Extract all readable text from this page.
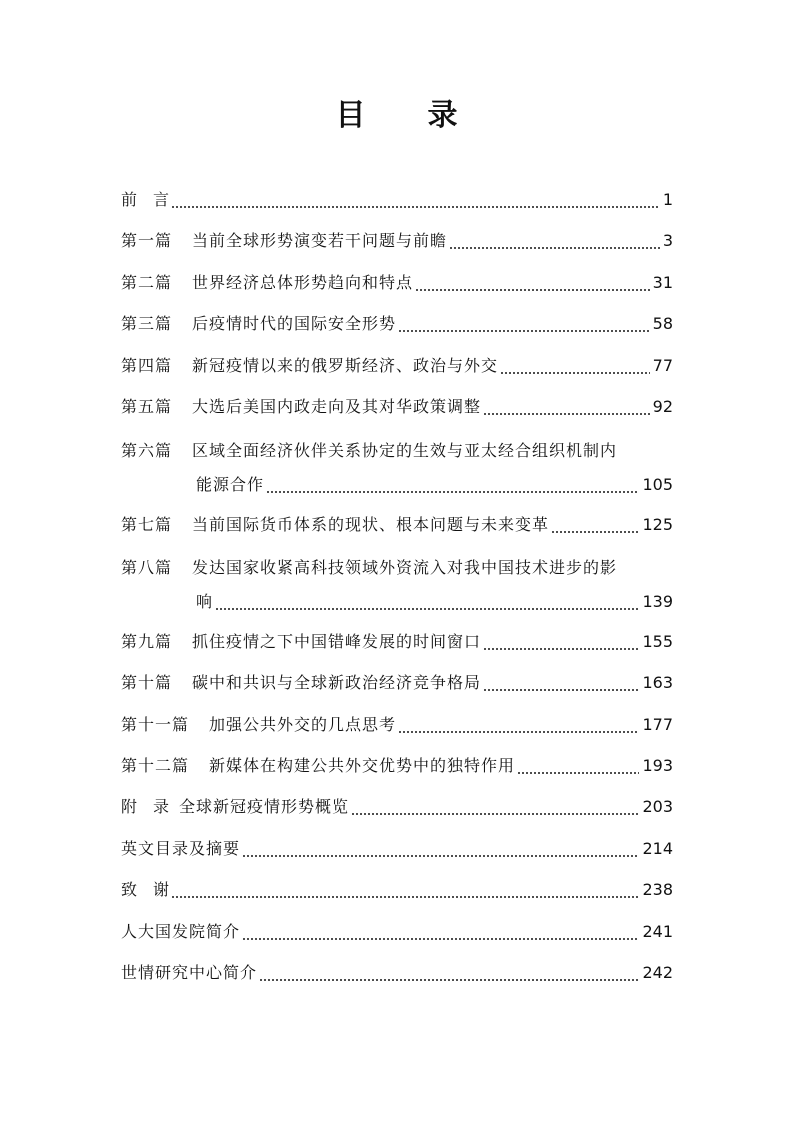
目 录
前　言	1
第一篇 当前全球形势演变若干问题与前瞻	3
第二篇 世界经济总体形势趋向和特点	31
第三篇 后疫情时代的国际安全形势	58
第四篇 新冠疫情以来的俄罗斯经济、政治与外交	77
第五篇 大选后美国内政走向及其对华政策调整	92
第六篇 区域全面经济伙伴关系协定的生效与亚太经合组织机制内
能源合作	105
第七篇 当前国际货币体系的现状、根本问题与未来变革	125
第八篇 发达国家收紧高科技领域外资流入对我中国技术进步的影
响	139
第九篇 抓住疫情之下中国错峰发展的时间窗口	155
第十篇 碳中和共识与全球新政治经济竞争格局	163
第十一篇 加强公共外交的几点思考	177
第十二篇 新媒体在构建公共外交优势中的独特作用	193
附　录 全球新冠疫情形势概览	203
英文目录及摘要	214
致　谢	238
人大国发院简介	241
世情研究中心简介	242
